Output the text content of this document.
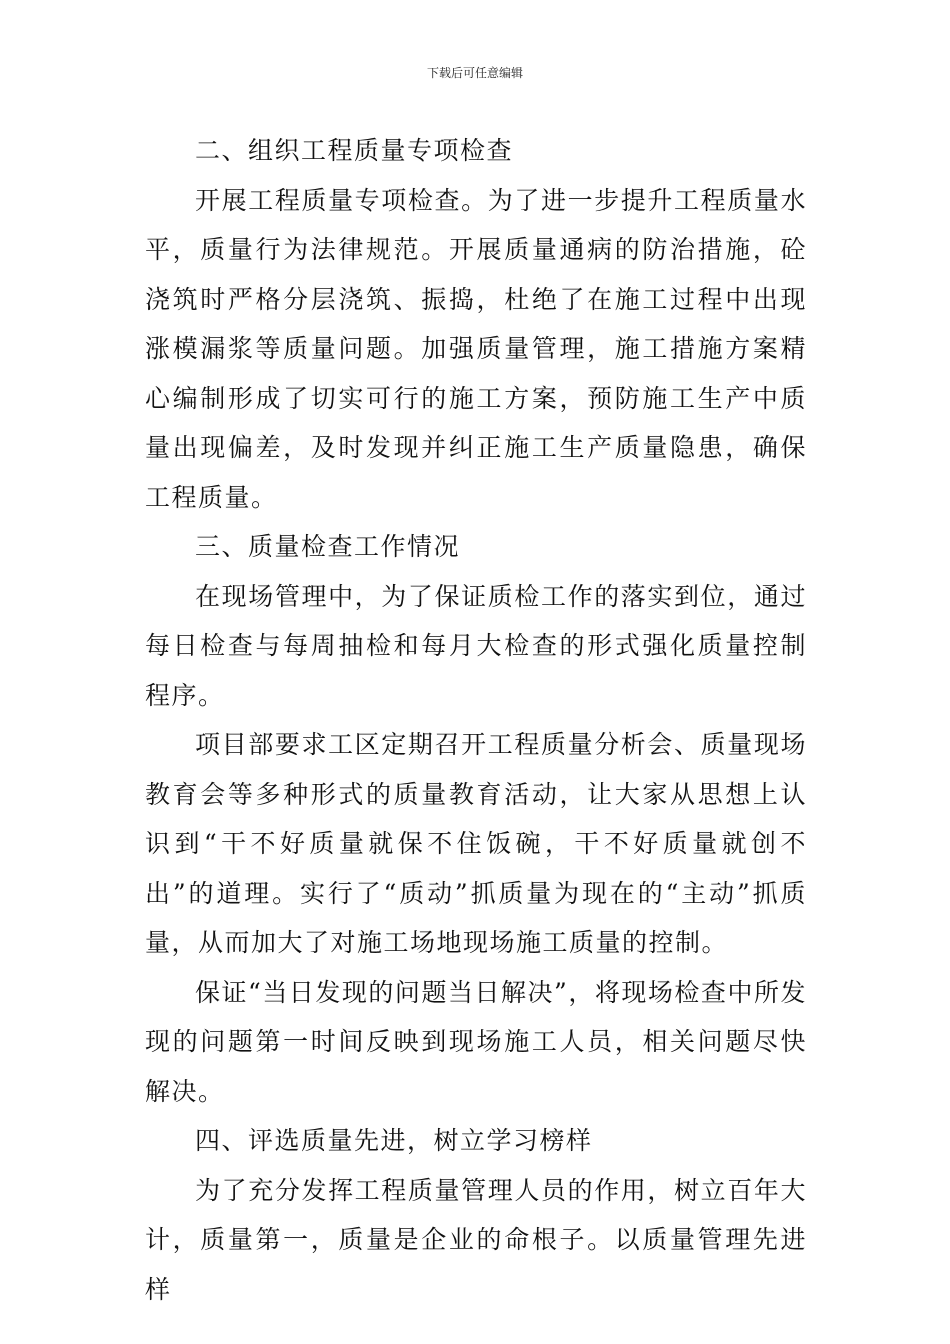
下载后可任意编辑

二、组织工程质量专项检查

开展工程质量专项检查。为了进一步提升工程质量水平，质量行为法律规范。开展质量通病的防治措施，砼浇筑时严格分层浇筑、振捣，杜绝了在施工过程中出现涨模漏浆等质量问题。加强质量管理，施工措施方案精心编制形成了切实可行的施工方案，预防施工生产中质量出现偏差，及时发现并纠正施工生产质量隐患，确保工程质量。

三、质量检查工作情况

在现场管理中，为了保证质检工作的落实到位，通过每日检查与每周抽检和每月大检查的形式强化质量控制程序。

项目部要求工区定期召开工程质量分析会、质量现场教育会等多种形式的质量教育活动，让大家从思想上认识到“干不好质量就保不住饭碗，干不好质量就创不出”的道理。实行了“质动”抓质量为现在的“主动”抓质量，从而加大了对施工场地现场施工质量的控制。

保证“当日发现的问题当日解决”，将现场检查中所发现的问题第一时间反映到现场施工人员，相关问题尽快解决。

四、评选质量先进，树立学习榜样

为了充分发挥工程质量管理人员的作用，树立百年大计，质量第一，质量是企业的命根子。以质量管理先进样
